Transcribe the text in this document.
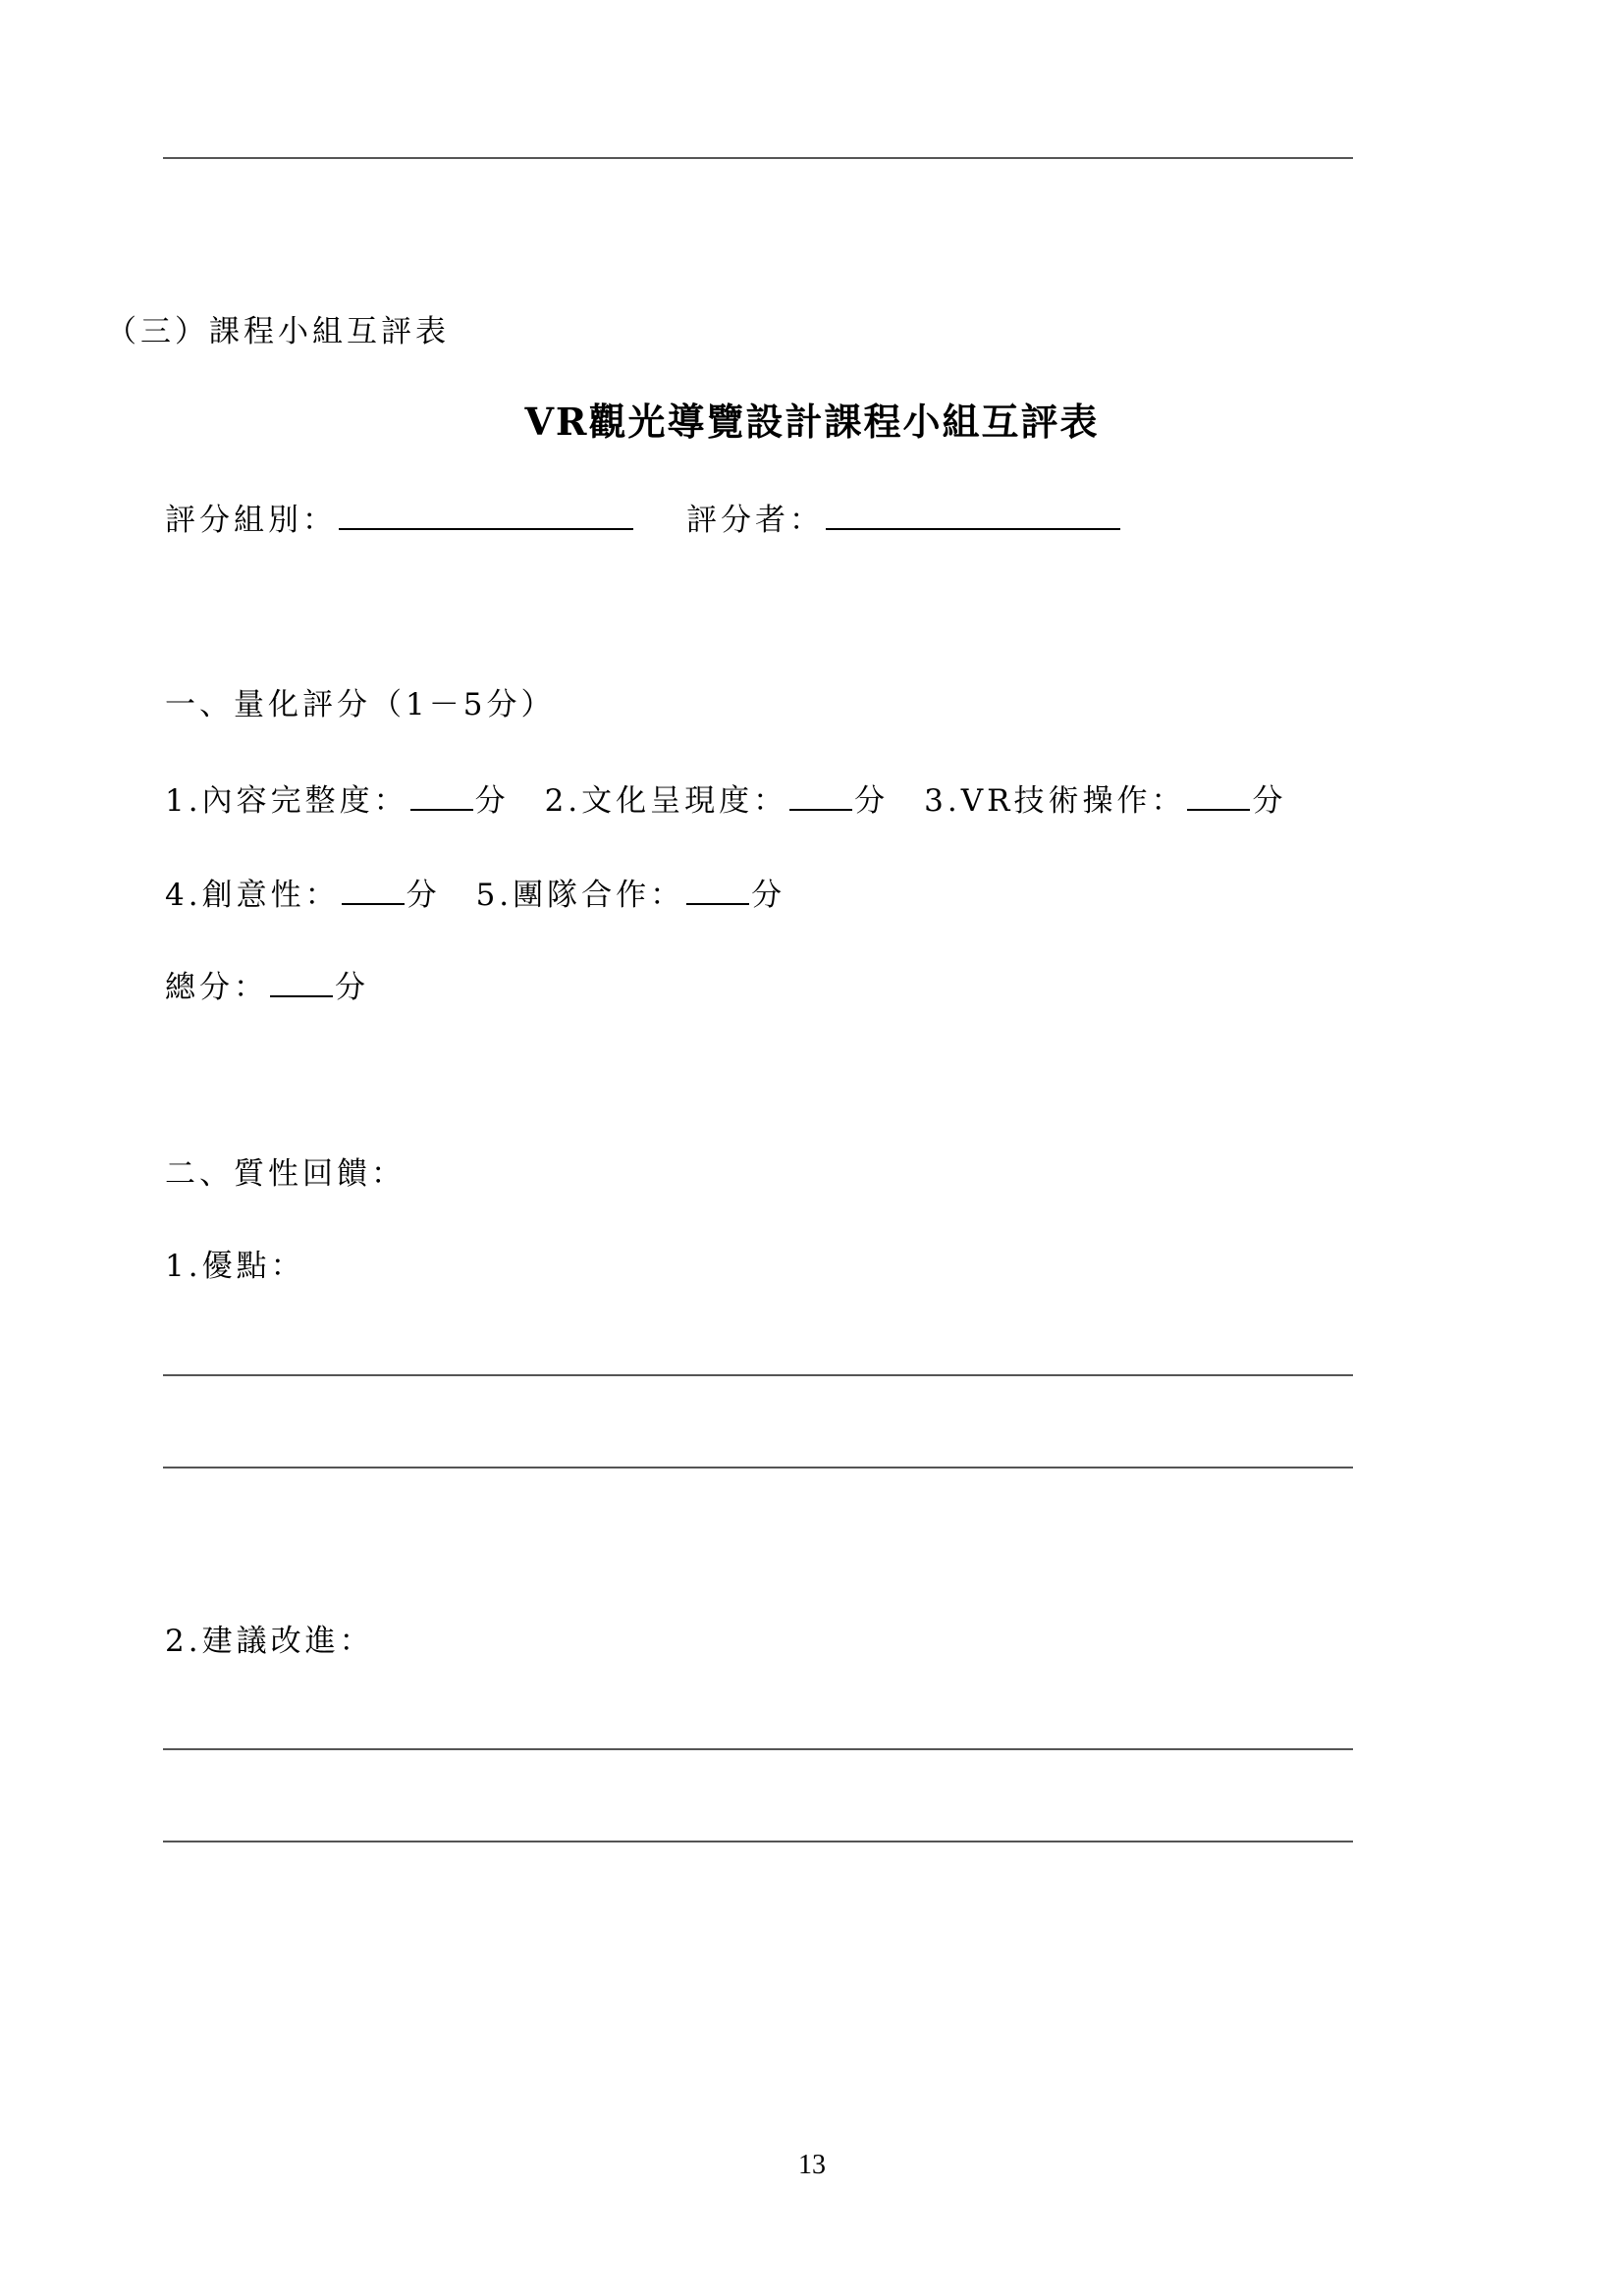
（三）課程小組互評表
VR觀光導覽設計課程小組互評表
評分組別：	評分者：
一、量化評分（1－5分）
1.內容完整度： 分 2.文化呈現度： 分 3.VR技術操作： 分
4.創意性： 分 5.團隊合作： 分
總分： 分
二、質性回饋：
1.優點：
2.建議改進：
13
